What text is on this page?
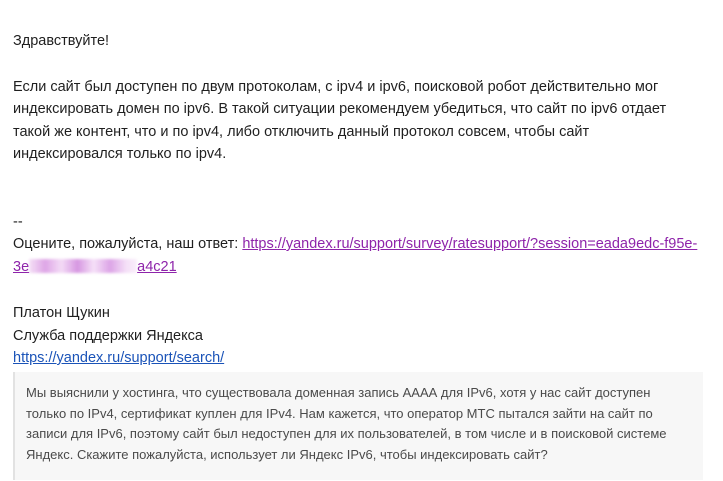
Здравствуйте!

Если сайт был доступен по двум протоколам, с ipv4 и ipv6, поисковой робот действительно мог индексировать домен по ipv6. В такой ситуации рекомендуем убедиться, что сайт по ipv6 отдает такой же контент, что и по ipv4, либо отключить данный протокол совсем, чтобы сайт индексировался только по ipv4.

--

Оцените, пожалуйста, наш ответ: https://yandex.ru/support/survey/ratesupport/?session=eada9edc-f95e-3e	a4c21

Платон Щукин
Служба поддержки Яндекса
https://yandex.ru/support/search/

Мы выяснили у хостинга, что существовала доменная запись АААА для IPv6, хотя у нас сайт доступен только по IPv4, сертификат куплен для IPv4. Нам кажется, что оператор МТС пытался зайти на сайт по записи для IPv6, поэтому сайт был недоступен для их пользователей, в том числе и в поисковой системе Яндекс. Скажите пожалуйста, использует ли Яндекс IPv6, чтобы индексировать сайт?
